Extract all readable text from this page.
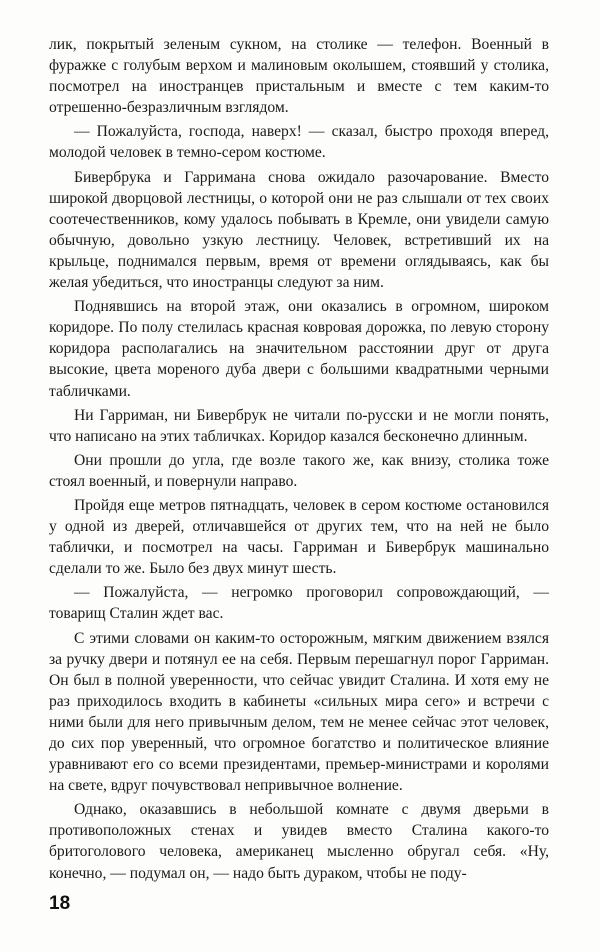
лик, покрытый зеленым сукном, на столике — телефон. Военный в фуражке с голубым верхом и малиновым околышем, стоявший у столика, посмотрел на иностранцев пристальным и вместе с тем каким-то отрешенно-безразличным взглядом.

— Пожалуйста, господа, наверх! — сказал, быстро проходя вперед, молодой человек в темно-сером костюме.

Бивербрука и Гарримана снова ожидало разочарование. Вместо широкой дворцовой лестницы, о которой они не раз слышали от тех своих соотечественников, кому удалось побывать в Кремле, они увидели самую обычную, довольно узкую лестницу. Человек, встретивший их на крыльце, поднимался первым, время от времени оглядываясь, как бы желая убедиться, что иностранцы следуют за ним.

Поднявшись на второй этаж, они оказались в огромном, широком коридоре. По полу стелилась красная ковровая дорожка, по левую сторону коридора располагались на значительном расстоянии друг от друга высокие, цвета мореного дуба двери с большими квадратными черными табличками.

Ни Гарриман, ни Бивербрук не читали по-русски и не могли понять, что написано на этих табличках. Коридор казался бесконечно длинным.

Они прошли до угла, где возле такого же, как внизу, столика тоже стоял военный, и повернули направо.

Пройдя еще метров пятнадцать, человек в сером костюме остановился у одной из дверей, отличавшейся от других тем, что на ней не было таблички, и посмотрел на часы. Гарриман и Бивербрук машинально сделали то же. Было без двух минут шесть.

— Пожалуйста, — негромко проговорил сопровождающий, — товарищ Сталин ждет вас.

С этими словами он каким-то осторожным, мягким движением взялся за ручку двери и потянул ее на себя. Первым перешагнул порог Гарриман. Он был в полной уверенности, что сейчас увидит Сталина. И хотя ему не раз приходилось входить в кабинеты «сильных мира сего» и встречи с ними были для него привычным делом, тем не менее сейчас этот человек, до сих пор уверенный, что огромное богатство и политическое влияние уравнивают его со всеми президентами, премьер-министрами и королями на свете, вдруг почувствовал непривычное волнение.

Однако, оказавшись в небольшой комнате с двумя дверьми в противоположных стенах и увидев вместо Сталина какого-то бритоголового человека, американец мысленно обругал себя. «Ну, конечно, — подумал он, — надо быть дураком, чтобы не поду-

18
